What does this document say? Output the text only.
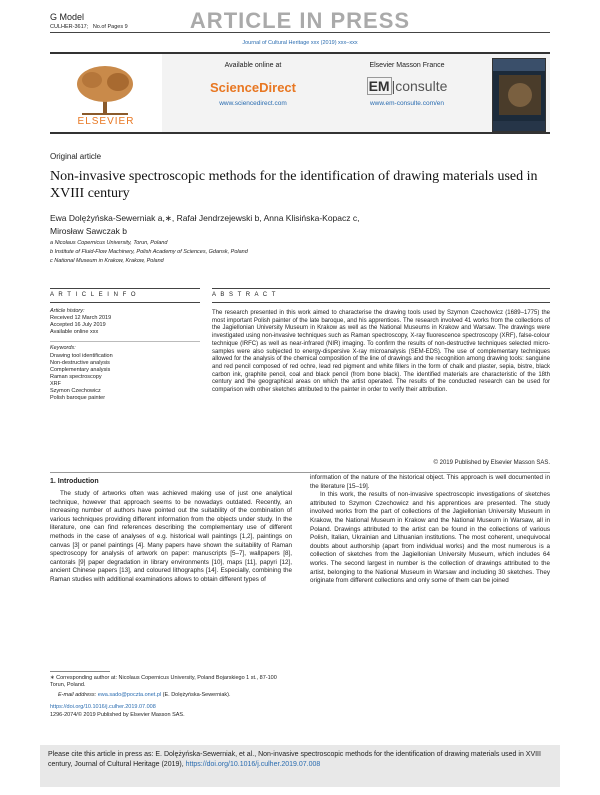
G Model
CULHER-3617; No.of Pages 9	ARTICLE IN PRESS
Journal of Cultural Heritage xxx (2019) xxx–xxx
ELSEVIER
Available online at
ScienceDirect
www.sciencedirect.com
Elsevier Masson France
EM |consulte
www.em-consulte.com/en
Original article
Non-invasive spectroscopic methods for the identification of drawing materials used in XVIII century
Ewa Dolężyńska-Sewerniak a,∗, Rafał Jendrzejewski b, Anna Klisińska-Kopacz c,
Mirosław Sawczak b
a Nicolaus Copernicus University, Torun, Poland
b Institute of Fluid-Flow Machinery, Polish Academy of Sciences, Gdansk, Poland
c National Museum in Krakow, Krakow, Poland
A R T I C L E I N F O
Article history:
Received 12 March 2019
Accepted 16 July 2019
Available online xxx
Keywords:
Drawing tool identification
Non-destructive analysis
Complementary analysis
Raman spectroscopy
XRF
Szymon Czechowicz
Polish baroque painter
A B S T R A C T
The research presented in this work aimed to characterise the drawing tools used by Szymon Czechowicz (1689–1775) the most important Polish painter of the late baroque, and his apprentices. The research involved 41 works from the collections of the Jagiellonian University Museum in Krakow as well as the National Museums in Krakow and Warsaw. The drawings were investigated using non-invasive techniques such as Raman spectroscopy, X-ray fluorescence spectroscopy (XRF), false-colour technique (IRFC) as well as near-infrared (NIR) imaging. To confirm the results of non-destructive techniques selected micro-samples were also subjected to energy-dispersive X-ray microanalysis (SEM-EDS). The use of complementary techniques allowed for the analysis of the chemical composition of the line of drawings and the recognition among drawing tools: sanguine and red pencil composed of red ochre, lead red pigment and white fillers in the form of chalk and plaster, sepia, bistre, black carbon ink, graphite pencil, coal and black pencil (from bone black). The identified materials are characteristic of the 18th century and the geographical areas on which the artist operated. The results of the conducted research can be used for comparison with other sketches attributed to the painter in order to verify their attribution.
© 2019 Published by Elsevier Masson SAS.
1. Introduction

The study of artworks often was achieved making use of just one analytical technique, however that approach seems to be nowadays outdated. Recently, an increasing number of authors have pointed out the suitability of the combination of various techniques providing different information from the objects under study. In the literature, one can find references describing the complementary use of different methods in the case of analyses of e.g. historical wall paintings [1,2], paintings on canvas [3] or panel paintings [4]. Many papers have shown the suitability of Raman spectroscopy for analysis of artwork on paper: manuscripts [5–7], wallpapers [8], cantorals [9] paper degradation in library environments [10], maps [11], papyri [12], ancient Chinese papers [13], and coloured lithographs [14]. Especially, combining the Raman studies with additional examinations allows to obtain different types of

information of the nature of the historical object. This approach is well documented in the literature [15–19].

In this work, the results of non-invasive spectroscopic investigations of sketches attributed to Szymon Czechowicz and his apprentices are presented. The study involved works from the part of collections of the Jagiellonian University Museum in Krakow, the National Museum in Krakow and the National Museum in Warsaw, all in Poland. Drawings attributed to the artist can be found in the collections of various Polish, Italian, Ukrainian and Lithuanian institutions. The most coherent, unequivocal doubts about authorship (apart from individual works) and the most numerous is a collection of sketches from the Jagiellonian University Museum, which includes 64 works. The second largest in number is the collection of drawings attributed to the artist, belonging to the National Museum in Warsaw and including 30 sketches. They originate from different collections and only some of them can be joined

∗ Corresponding author at: Nicolaus Copernicus University, Poland Bojarskiego 1 st., 87-100 Torun, Poland.
E-mail address: ewa.sado@poczta.onet.pl (E. Dolężyńska-Sewerniak).
https://doi.org/10.1016/j.culher.2019.07.008
1296-2074/© 2019 Published by Elsevier Masson SAS.
Please cite this article in press as: E. Dolężyńska-Sewerniak, et al., Non-invasive spectroscopic methods for the identification of drawing materials used in XVIII century, Journal of Cultural Heritage (2019), https://doi.org/10.1016/j.culher.2019.07.008
